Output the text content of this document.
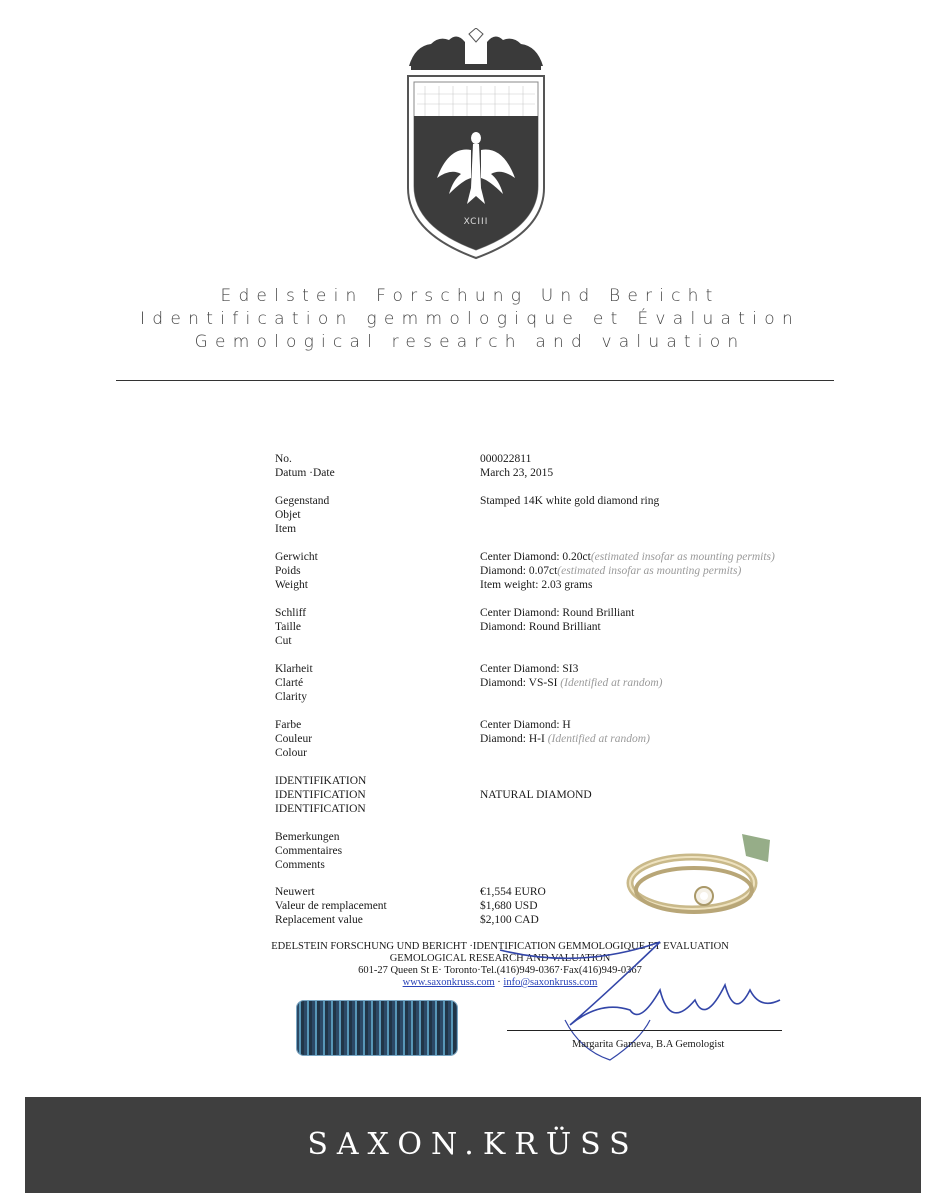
XCIII
Edelstein Forschung Und Bericht
Identification gemmologique et Évaluation
Gemological research and valuation
No.	000022811
Datum ·Date	March 23, 2015
Gegenstand
Objet
Item
Stamped 14K white gold diamond ring
Gerwicht
Poids
Weight
Center Diamond: 0.20ct(estimated insofar as mounting permits)
Diamond: 0.07ct(estimated insofar as mounting permits)
Item weight: 2.03 grams
Schliff
Taille
Cut
Center Diamond: Round Brilliant
Diamond: Round Brilliant
Klarheit
Clarté
Clarity
Center Diamond: SI3
Diamond: VS-SI (Identified at random)
Farbe
Couleur
Colour
Center Diamond: H
Diamond: H-I (Identified at random)
IDENTIFIKATION
IDENTIFICATION
IDENTIFICATION
NATURAL DIAMOND
Bemerkungen
Commentaires
Comments
Neuwert
Valeur de remplacement
Replacement value
€1,554 EURO
$1,680 USD
$2,100 CAD
EDELSTEIN FORSCHUNG UND BERICHT ·IDENTIFICATION GEMMOLOGIQUE ET EVALUATION
GEMOLOGICAL RESEARCH AND VALUATION
601-27 Queen St E· Toronto·Tel.(416)949-0367·Fax(416)949-0367
www.saxonkruss.com · info@saxonkruss.com
Margarita Gameva, B.A Gemologist
SAXON.KRÜSS
